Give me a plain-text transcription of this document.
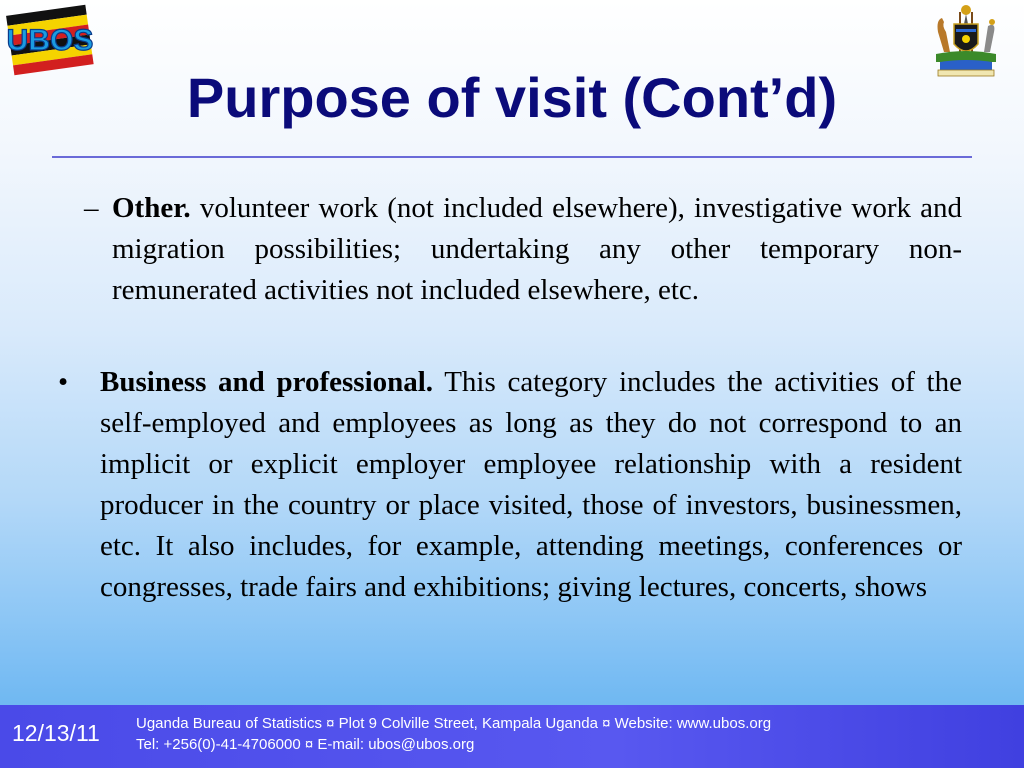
UBOS
Purpose of visit (Cont’d)
– Other. volunteer work (not included elsewhere), investigative work and migration possibilities; undertaking any other temporary non-remunerated activities not included elsewhere, etc.

• Business and professional. This category includes the activities of the self-employed and employees as long as they do not correspond to an implicit or explicit employer employee relationship with a resident producer in the country or place visited, those of investors, businessmen, etc. It also includes, for example, attending meetings, conferences or congresses, trade fairs and exhibitions; giving lectures, concerts, shows

12/13/11 Uganda Bureau of Statistics ¤ Plot 9 Colville Street, Kampala Uganda ¤ Website: www.ubos.org
Tel: +256(0)-41-4706000 ¤ E-mail: ubos@ubos.org
